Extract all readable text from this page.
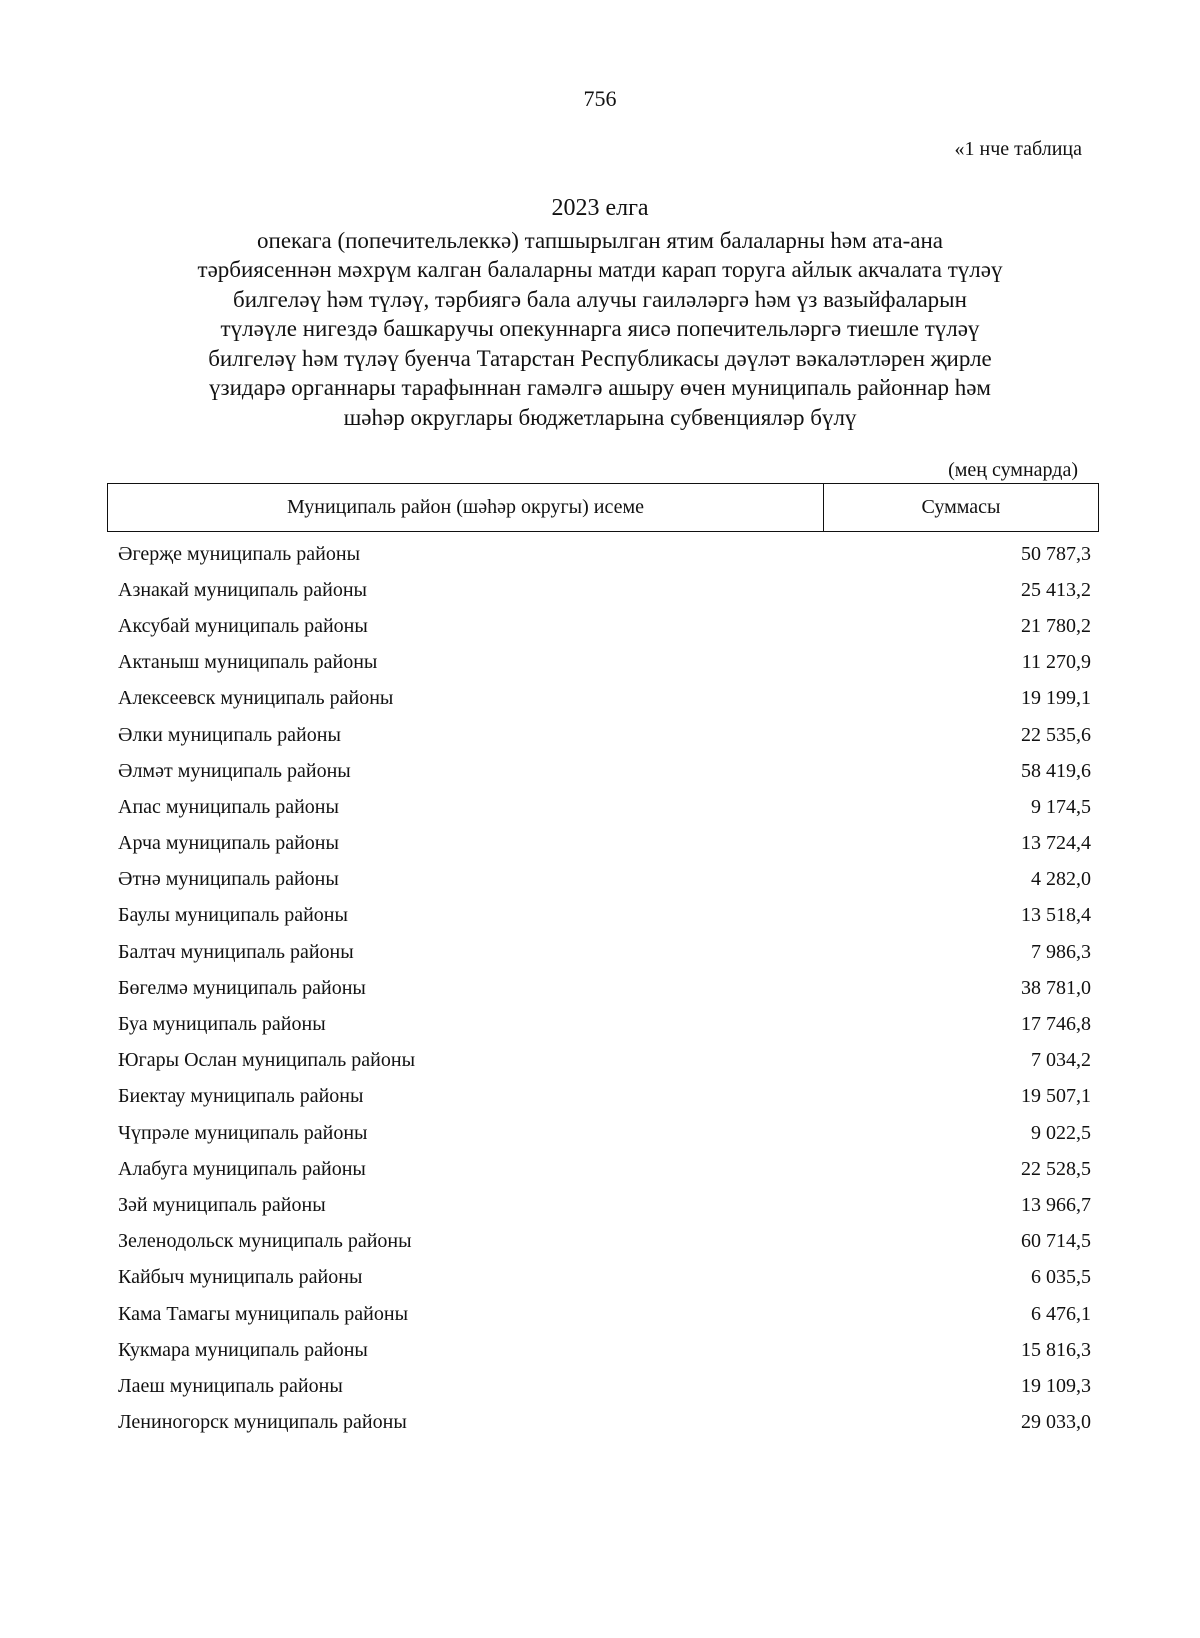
756
«1 нче таблица
2023 елга
опекага (попечительлеккә) тапшырылган ятим балаларны һәм ата-ана
тәрбиясеннән мәхрүм калган балаларны матди карап торуга айлык акчалата түләү
билгеләү һәм түләү, тәрбиягә бала алучы гаиләләргә һәм үз вазыйфаларын
түләүле нигездә башкаручы опекуннарга яисә попечительләргә тиешле түләү
билгеләү һәм түләү буенча Татарстан Республикасы дәүләт вәкаләтләрен җирле
үзидарә органнары тарафыннан гамәлгә ашыру өчен муниципаль районнар һәм
шәһәр округлары бюджетларына субвенцияләр бүлү
(мең сумнарда)
Муниципаль район (шәһәр округы) исеме	Суммасы
Әгерҗе муниципаль районы	50 787,3
Азнакай муниципаль районы	25 413,2
Аксубай муниципаль районы	21 780,2
Актаныш муниципаль районы	11 270,9
Алексеевск муниципаль районы	19 199,1
Әлки муниципаль районы	22 535,6
Әлмәт муниципаль районы	58 419,6
Апас муниципаль районы	9 174,5
Арча муниципаль районы	13 724,4
Әтнә муниципаль районы	4 282,0
Баулы муниципаль районы	13 518,4
Балтач муниципаль районы	7 986,3
Бөгелмә муниципаль районы	38 781,0
Буа муниципаль районы	17 746,8
Югары Ослан муниципаль районы	7 034,2
Биектау муниципаль районы	19 507,1
Чүпрәле муниципаль районы	9 022,5
Алабуга муниципаль районы	22 528,5
Зәй муниципаль районы	13 966,7
Зеленодольск муниципаль районы	60 714,5
Кайбыч муниципаль районы	6 035,5
Кама Тамагы муниципаль районы	6 476,1
Кукмара муниципаль районы	15 816,3
Лаеш муниципаль районы	19 109,3
Лениногорск муниципаль районы	29 033,0
